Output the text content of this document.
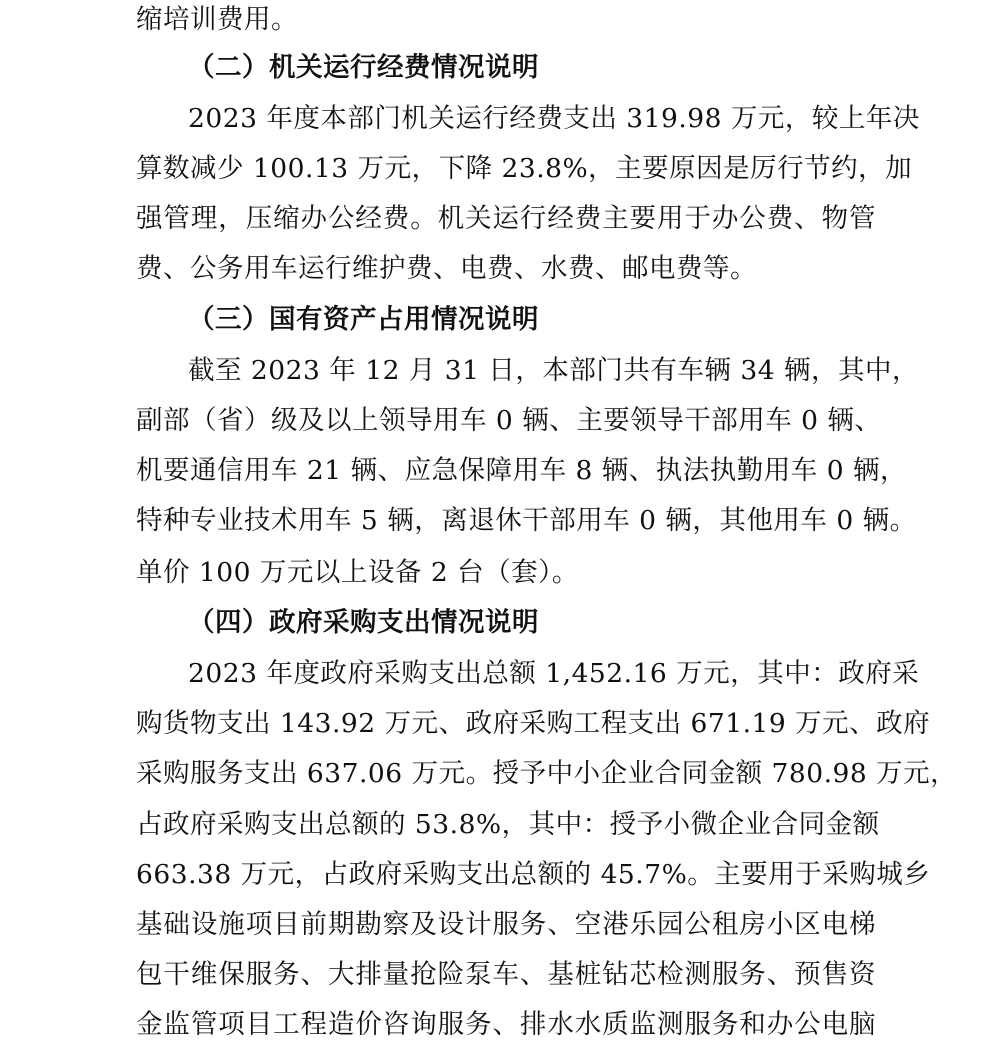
缩培训费用。
（二）机关运行经费情况说明
2023 年度本部门机关运行经费支出 319.98 万元，较上年决
算数减少 100.13 万元，下降 23.8%，主要原因是厉行节约，加
强管理，压缩办公经费。机关运行经费主要用于办公费、物管
费、公务用车运行维护费、电费、水费、邮电费等。
（三）国有资产占用情况说明
截至 2023 年 12 月 31 日，本部门共有车辆 34 辆，其中，
副部（省）级及以上领导用车 0 辆、主要领导干部用车 0 辆、
机要通信用车 21 辆、应急保障用车 8 辆、执法执勤用车 0 辆，
特种专业技术用车 5 辆，离退休干部用车 0 辆，其他用车 0 辆。
单价 100 万元以上设备 2 台（套）。
（四）政府采购支出情况说明
2023 年度政府采购支出总额 1,452.16 万元，其中：政府采
购货物支出 143.92 万元、政府采购工程支出 671.19 万元、政府
采购服务支出 637.06 万元。授予中小企业合同金额 780.98 万元，
占政府采购支出总额的 53.8%，其中：授予小微企业合同金额
663.38 万元，占政府采购支出总额的 45.7%。主要用于采购城乡
基础设施项目前期勘察及设计服务、空港乐园公租房小区电梯
包干维保服务、大排量抢险泵车、基桩钻芯检测服务、预售资
金监管项目工程造价咨询服务、排水水质监测服务和办公电脑
